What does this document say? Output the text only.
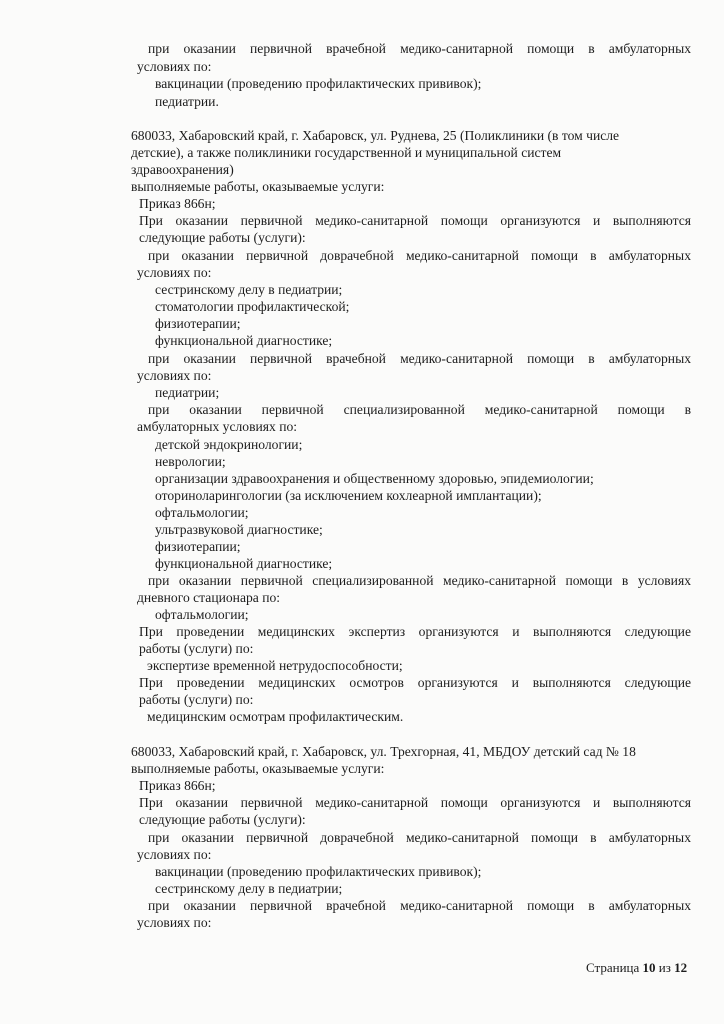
при оказании первичной врачебной медико-санитарной помощи в амбулаторных
условиях по:
вакцинации (проведению профилактических прививок);
педиатрии.
680033, Хабаровский край, г. Хабаровск, ул. Руднева, 25 (Поликлиники (в том числе
детские), а также поликлиники государственной и муниципальной систем
здравоохранения)
выполняемые работы, оказываемые услуги:
Приказ 866н;
При оказании первичной медико-санитарной помощи организуются и выполняются
следующие работы (услуги):
при оказании первичной доврачебной медико-санитарной помощи в амбулаторных
условиях по:
сестринскому делу в педиатрии;
стоматологии профилактической;
физиотерапии;
функциональной диагностике;
при оказании первичной врачебной медико-санитарной помощи в амбулаторных
условиях по:
педиатрии;
при оказании первичной специализированной медико-санитарной помощи в
амбулаторных условиях по:
детской эндокринологии;
неврологии;
организации здравоохранения и общественному здоровью, эпидемиологии;
оториноларингологии (за исключением кохлеарной имплантации);
офтальмологии;
ультразвуковой диагностике;
физиотерапии;
функциональной диагностике;
при оказании первичной специализированной медико-санитарной помощи в условиях
дневного стационара по:
офтальмологии;
При проведении медицинских экспертиз организуются и выполняются следующие
работы (услуги) по:
экспертизе временной нетрудоспособности;
При проведении медицинских осмотров организуются и выполняются следующие
работы (услуги) по:
медицинским осмотрам профилактическим.
680033, Хабаровский край, г. Хабаровск, ул. Трехгорная, 41, МБДОУ детский сад № 18
выполняемые работы, оказываемые услуги:
Приказ 866н;
При оказании первичной медико-санитарной помощи организуются и выполняются
следующие работы (услуги):
при оказании первичной доврачебной медико-санитарной помощи в амбулаторных
условиях по:
вакцинации (проведению профилактических прививок);
сестринскому делу в педиатрии;
при оказании первичной врачебной медико-санитарной помощи в амбулаторных
условиях по:
Страница 10 из 12
